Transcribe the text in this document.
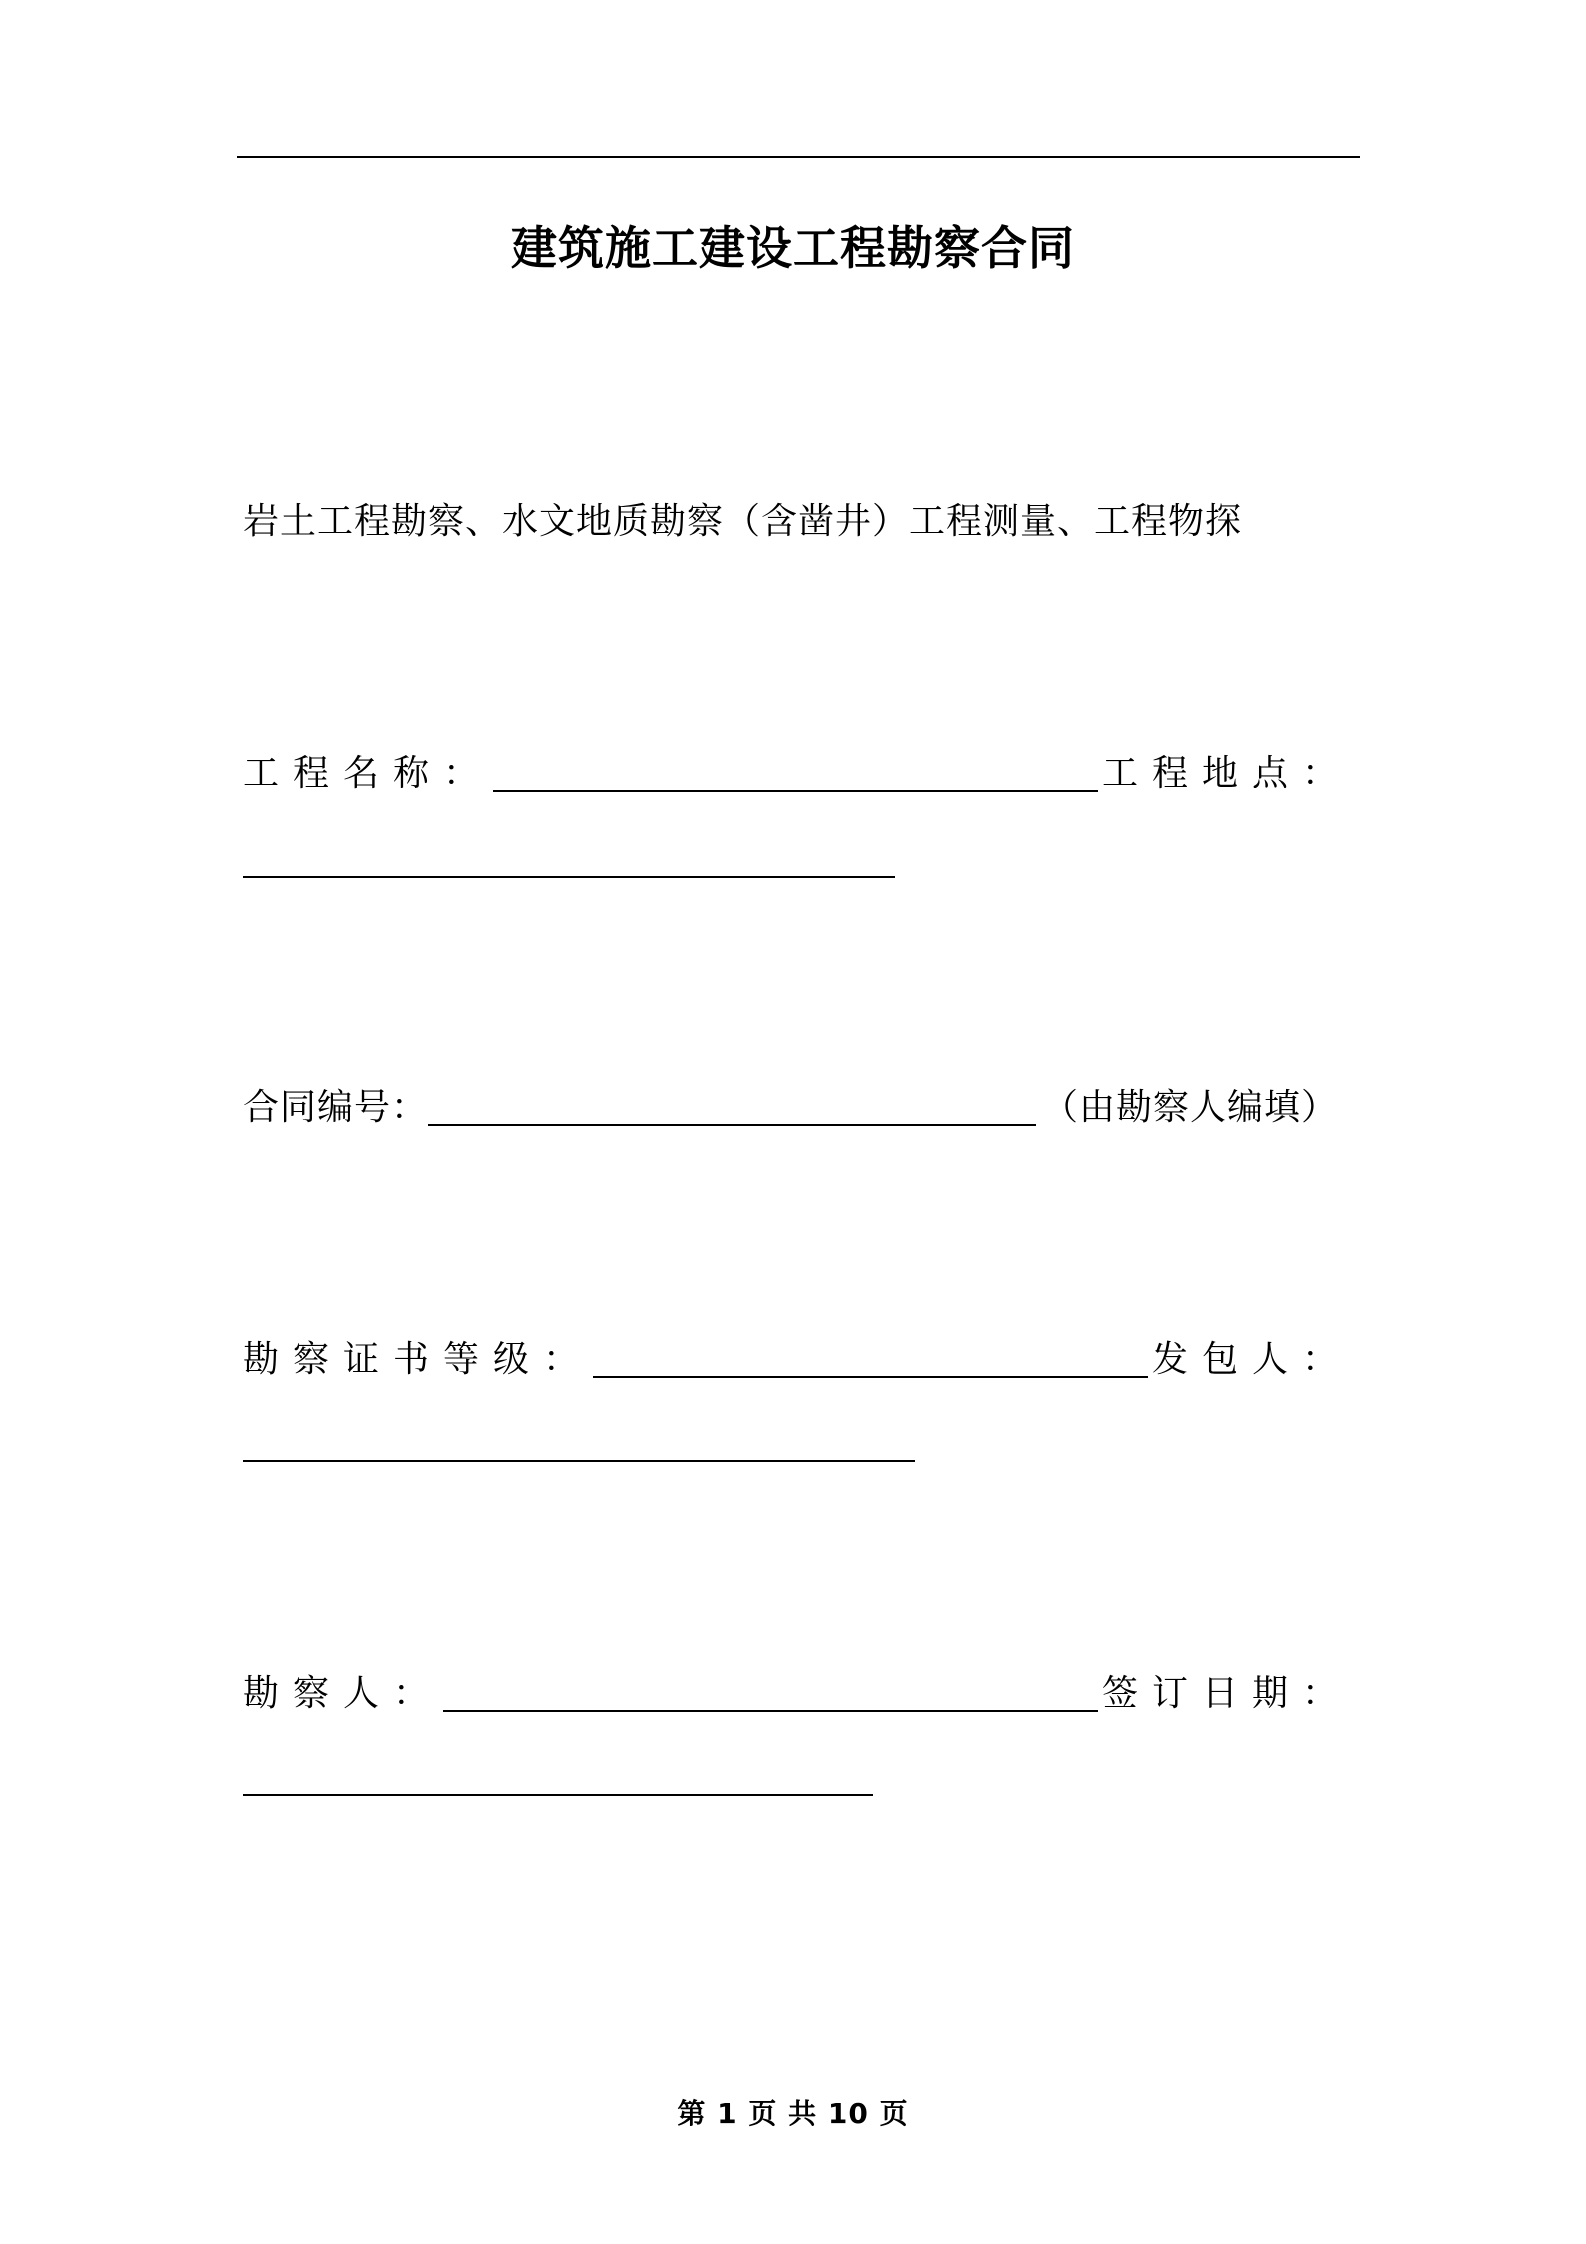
建筑施工建设工程勘察合同
岩土工程勘察、水文地质勘察（含凿井）工程测量、工程物探
工程名称：	工程地点：
合同编号：	（由勘察人编填）
勘察证书等级：	发包人：
勘察人：	签订日期：
第 1 页 共 10 页
